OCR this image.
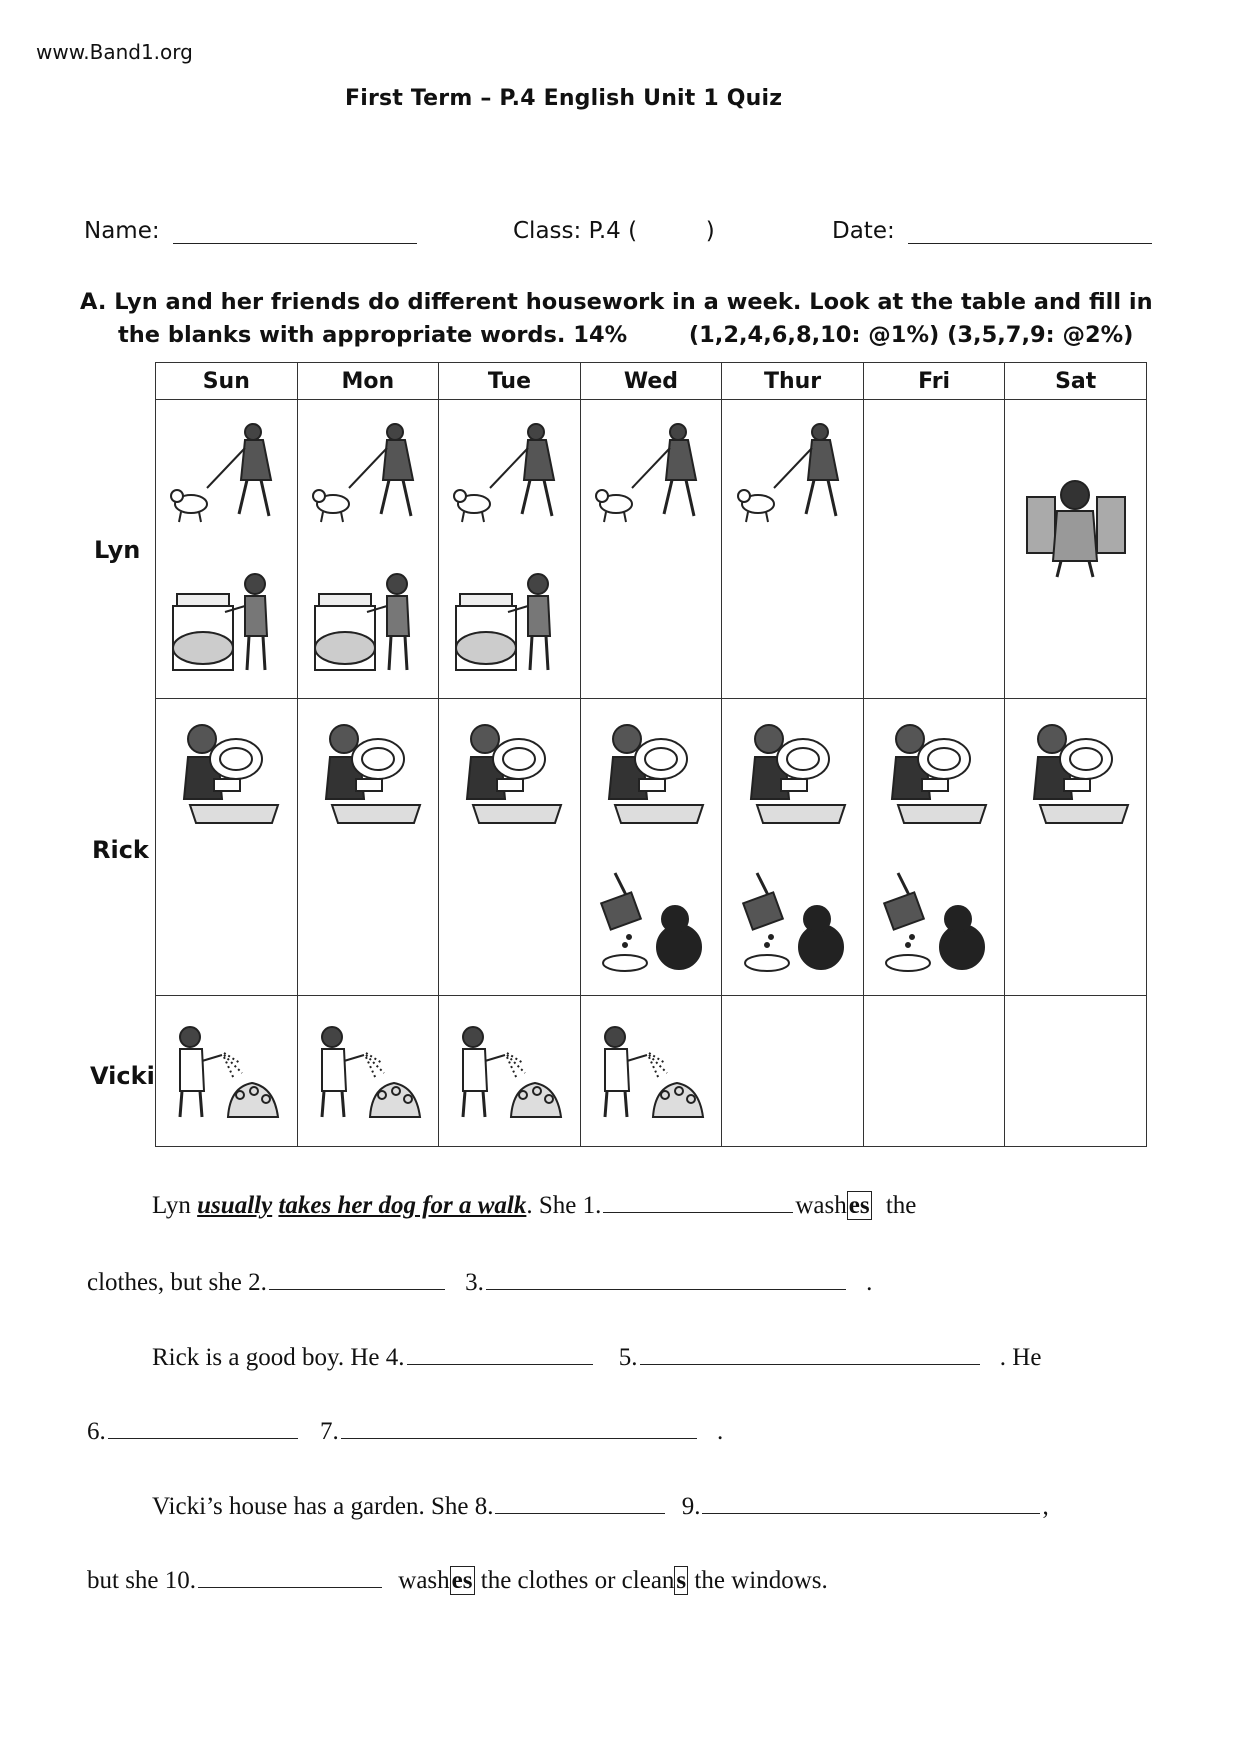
www.Band1.org
First Term – P.4 English Unit 1 Quiz
Name:	Class: P.4 (	)	Date:
A. Lyn and her friends do different housework in a week. Look at the table and fill in
the blanks with appropriate words. 14%	(1,2,4,6,8,10: @1%) (3,5,7,9: @2%)
Lyn
Rick
Vicki
Sun	Mon	Tue	Wed	Thur	Fri	Sat

Lyn usually takes her dog for a walk. She 1.	washes the
clothes, but she 2.	3.	.
Rick is a good boy. He 4.	5.	. He
6.	7.	.
Vicki’s house has a garden. She 8.	9.	,
but she 10.	washes the clothes or cleans the windows.
